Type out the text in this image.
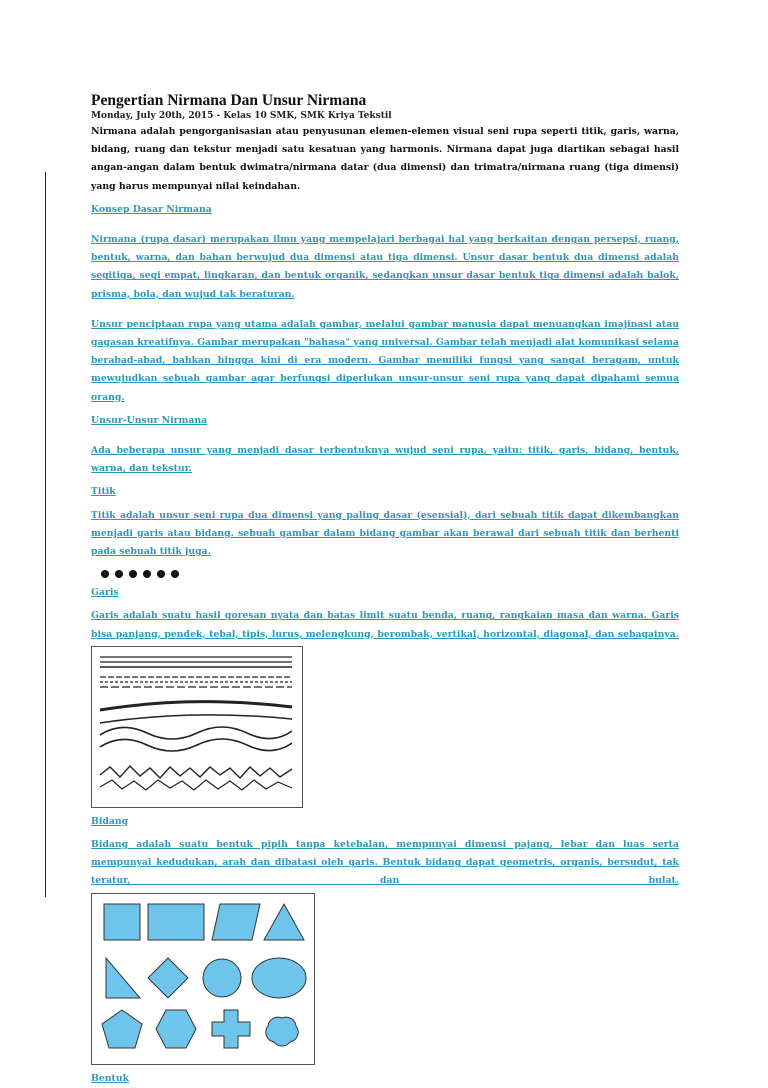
Pengertian Nirmana Dan Unsur Nirmana
Monday, July 20th, 2015 - Kelas 10 SMK, SMK Kriya Tekstil

Nirmana adalah pengorganisasian atau penyusunan elemen-elemen visual seni rupa seperti titik, garis, warna, bidang, ruang dan tekstur menjadi satu kesatuan yang harmonis. Nirmana dapat juga diartikan sebagai hasil angan-angan dalam bentuk dwimatra/nirmana datar (dua dimensi) dan trimatra/nirmana ruang (tiga dimensi) yang harus mempunyai nilai keindahan.

Konsep Dasar Nirmana

Nirmana (rupa dasar) merupakan ilmu yang mempelajari berbagai hal yang berkaitan dengan persepsi, ruang, bentuk, warna, dan bahan berwujud dua dimensi atau tiga dimensi. Unsur dasar bentuk dua dimensi adalah segitiga, segi empat, lingkaran, dan bentuk organik, sedangkan unsur dasar bentuk tiga dimensi adalah balok, prisma, bola, dan wujud tak beraturan.

Unsur penciptaan rupa yang utama adalah gambar, melalui gambar manusia dapat menuangkan imajinasi atau gagasan kreatifnya. Gambar merupakan "bahasa" yang universal. Gambar telah menjadi alat komunikasi selama berabad-abad, bahkan hingga kini di era modern. Gambar memiliki fungsi yang sangat beragam, untuk mewujudkan sebuah gambar agar berfungsi diperlukan unsur-unsur seni rupa yang dapat dipahami semua orang.

Unsur-Unsur Nirmana

Ada beberapa unsur yang menjadi dasar terbentuknya wujud seni rupa, yaitu: titik, garis, bidang, bentuk, warna, dan tekstur.

Titik

Titik adalah unsur seni rupa dua dimensi yang paling dasar (esensial), dari sebuah titik dapat dikembangkan menjadi garis atau bidang. sebuah gambar dalam bidang gambar akan berawal dari sebuah titik dan berhenti pada sebuah titik juga.

Garis

Garis adalah suatu hasil goresan nyata dan batas limit suatu benda, ruang, rangkaian masa dan warna. Garis bisa panjang, pendek, tebal, tipis, lurus, melengkung, berombak, vertikal, horizontal, diagonal, dan sebagainya.

Bidang

Bidang adalah suatu bentuk pipih tanpa ketebalan, mempunyai dimensi pajang, lebar dan luas serta mempunyai kedudukan, arah dan dibatasi oleh garis. Bentuk bidang dapat geometris, organis, bersudut, tak teratur, dan bulat.

Bentuk
